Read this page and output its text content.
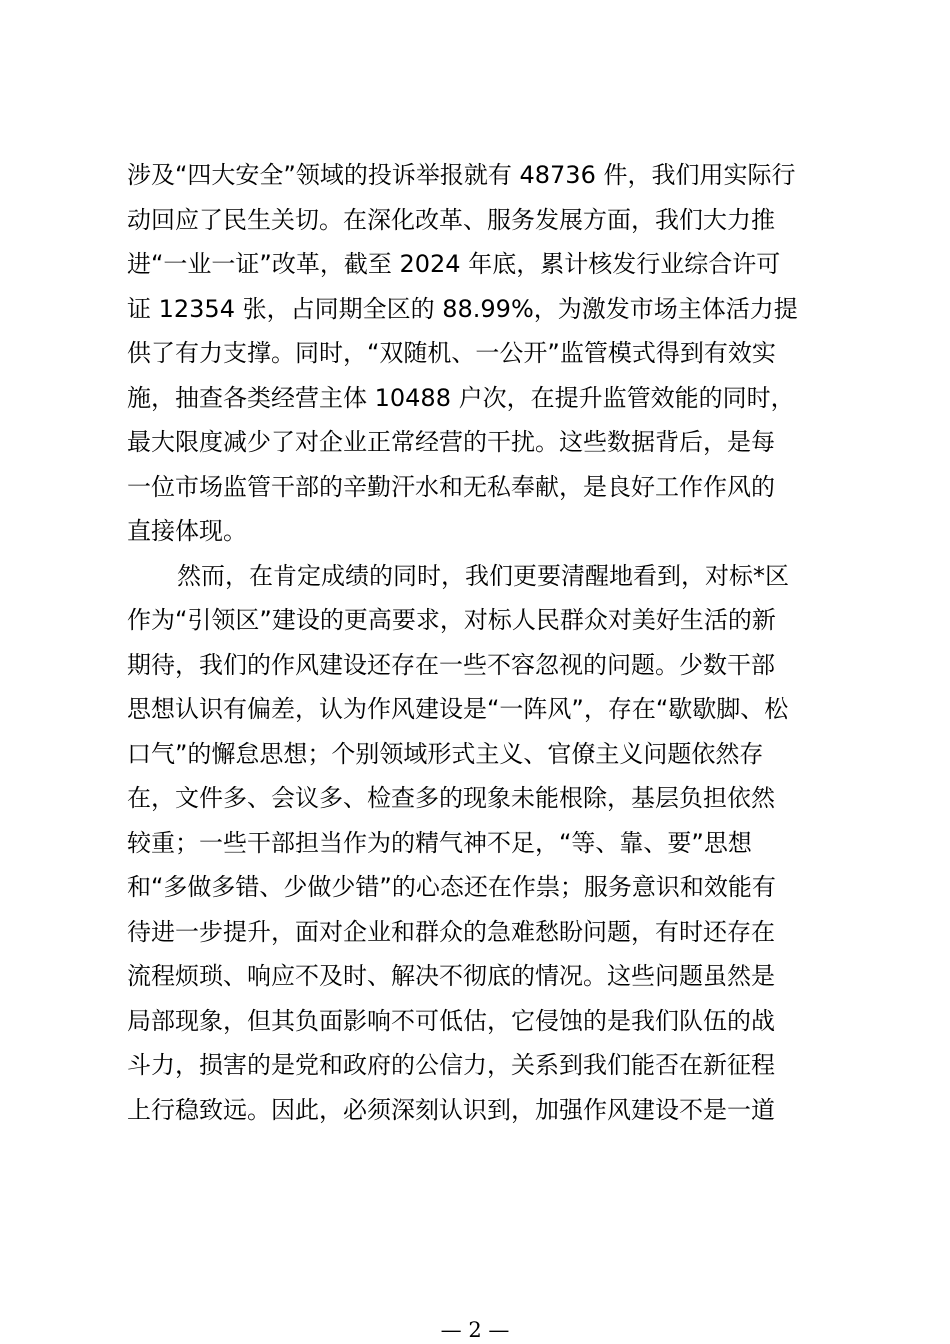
涉及“四大安全”领域的投诉举报就有 48736 件，我们用实际行
动回应了民生关切。在深化改革、服务发展方面，我们大力推
进“一业一证”改革，截至 2024 年底，累计核发行业综合许可
证 12354 张，占同期全区的 88.99%，为激发市场主体活力提
供了有力支撑。同时，“双随机、一公开”监管模式得到有效实
施，抽查各类经营主体 10488 户次，在提升监管效能的同时，
最大限度减少了对企业正常经营的干扰。这些数据背后，是每
一位市场监管干部的辛勤汗水和无私奉献，是良好工作作风的
直接体现。
然而，在肯定成绩的同时，我们更要清醒地看到，对标*区
作为“引领区”建设的更高要求，对标人民群众对美好生活的新
期待，我们的作风建设还存在一些不容忽视的问题。少数干部
思想认识有偏差，认为作风建设是“一阵风”，存在“歇歇脚、松
口气”的懈怠思想；个别领域形式主义、官僚主义问题依然存
在，文件多、会议多、检查多的现象未能根除，基层负担依然
较重；一些干部担当作为的精气神不足，“等、靠、要”思想
和“多做多错、少做少错”的心态还在作祟；服务意识和效能有
待进一步提升，面对企业和群众的急难愁盼问题，有时还存在
流程烦琐、响应不及时、解决不彻底的情况。这些问题虽然是
局部现象，但其负面影响不可低估，它侵蚀的是我们队伍的战
斗力，损害的是党和政府的公信力，关系到我们能否在新征程
上行稳致远。因此，必须深刻认识到，加强作风建设不是一道
— 2 —
